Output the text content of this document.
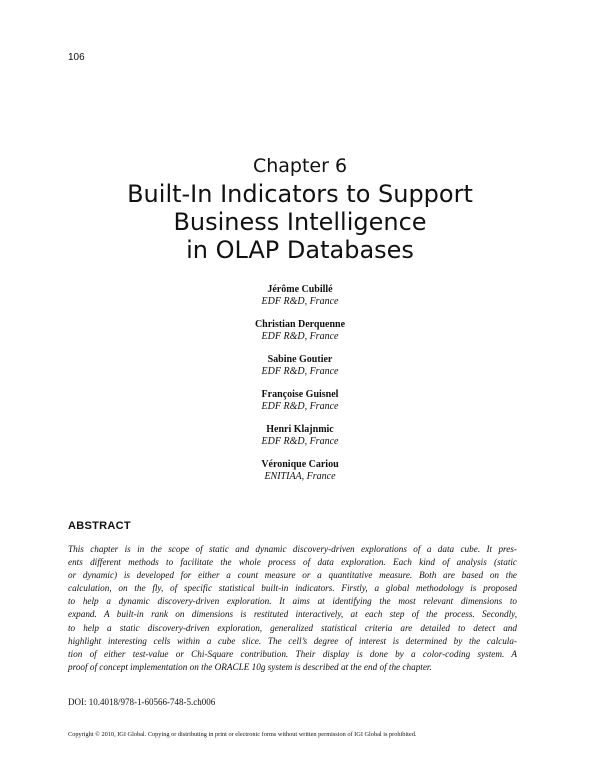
106
Chapter 6
Built-In Indicators to Support
Business Intelligence
in OLAP Databases
Jérôme Cubillé
EDF R&D, France
Christian Derquenne
EDF R&D, France
Sabine Goutier
EDF R&D, France
Françoise Guisnel
EDF R&D, France
Henri Klajnmic
EDF R&D, France
Véronique Cariou
ENITIAA, France
ABSTRACT
This chapter is in the scope of static and dynamic discovery-driven explorations of a data cube. It pres-
ents different methods to facilitate the whole process of data exploration. Each kind of analysis (static
or dynamic) is developed for either a count measure or a quantitative measure. Both are based on the
calculation, on the fly, of specific statistical built-in indicators. Firstly, a global methodology is proposed
to help a dynamic discovery-driven exploration. It aims at identifying the most relevant dimensions to
expand. A built-in rank on dimensions is restituted interactively, at each step of the process. Secondly,
to help a static discovery-driven exploration, generalized statistical criteria are detailed to detect and
highlight interesting cells within a cube slice. The cell’s degree of interest is determined by the calcula-
tion of either test-value or Chi-Square contribution. Their display is done by a color-coding system. A
proof of concept implementation on the ORACLE 10g system is described at the end of the chapter.
DOI: 10.4018/978-1-60566-748-5.ch006
Copyright © 2010, IGI Global. Copying or distributing in print or electronic forms without written permission of IGI Global is prohibited.
